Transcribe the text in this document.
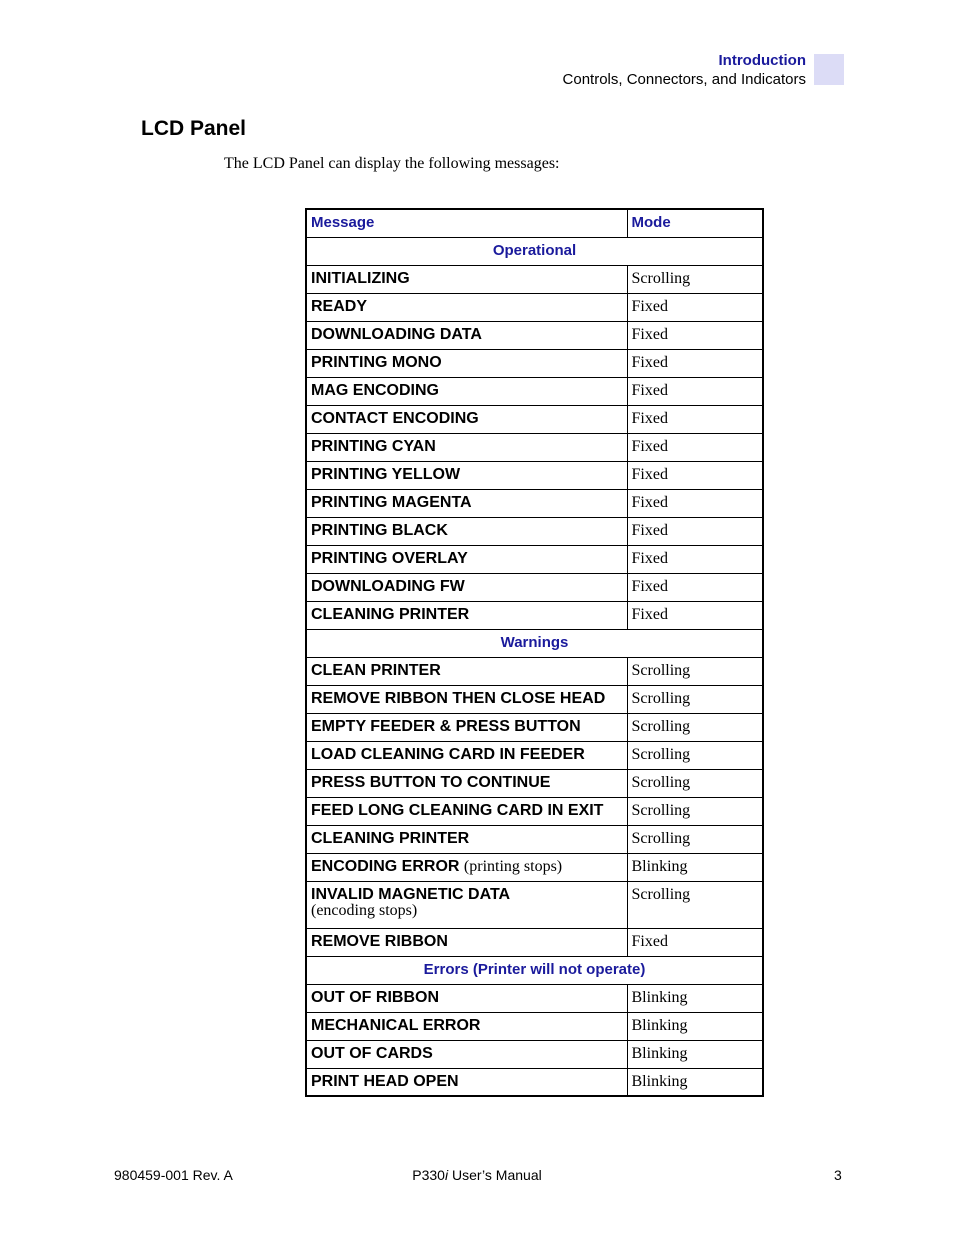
Introduction
Controls, Connectors, and Indicators
LCD Panel
The LCD Panel can display the following messages:
Message	Mode
Operational	
INITIALIZING	Scrolling
READY	Fixed
DOWNLOADING DATA	Fixed
PRINTING MONO	Fixed
MAG ENCODING	Fixed
CONTACT ENCODING	Fixed
PRINTING CYAN	Fixed
PRINTING YELLOW	Fixed
PRINTING MAGENTA	Fixed
PRINTING BLACK	Fixed
PRINTING OVERLAY	Fixed
DOWNLOADING FW	Fixed
CLEANING PRINTER	Fixed
Warnings	
CLEAN PRINTER	Scrolling
REMOVE RIBBON THEN CLOSE HEAD	Scrolling
EMPTY FEEDER & PRESS BUTTON	Scrolling
LOAD CLEANING CARD IN FEEDER	Scrolling
PRESS BUTTON TO CONTINUE	Scrolling
FEED LONG CLEANING CARD IN EXIT	Scrolling
CLEANING PRINTER	Scrolling
ENCODING ERROR (printing stops)	Blinking
INVALID MAGNETIC DATA
(encoding stops)	Scrolling
REMOVE RIBBON	Fixed
Errors (Printer will not operate)	
OUT OF RIBBON	Blinking
MECHANICAL ERROR	Blinking
OUT OF CARDS	Blinking
PRINT HEAD OPEN	Blinking
980459-001 Rev. A	P330i User’s Manual	3
